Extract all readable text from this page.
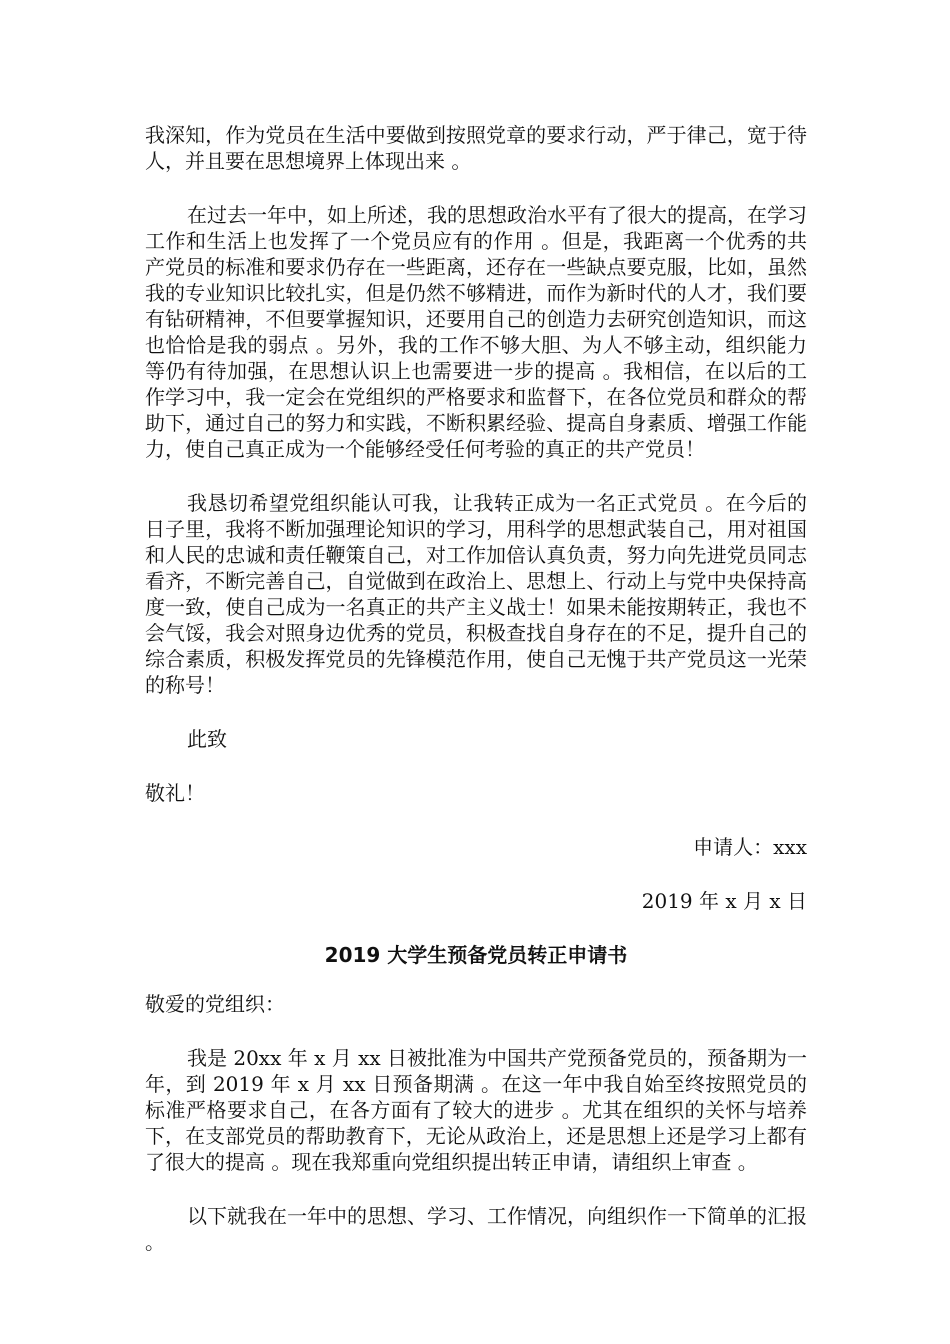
我深知，作为党员在生活中要做到按照党章的要求行动，严于律己，宽于待人，并且要在思想境界上体现出来 。

在过去一年中，如上所述，我的思想政治水平有了很大的提高，在学习工作和生活上也发挥了一个党员应有的作用 。但是，我距离一个优秀的共产党员的标准和要求仍存在一些距离，还存在一些缺点要克服，比如，虽然我的专业知识比较扎实，但是仍然不够精进，而作为新时代的人才，我们要有钻研精神，不但要掌握知识，还要用自己的创造力去研究创造知识，而这也恰恰是我的弱点 。另外，我的工作不够大胆、为人不够主动，组织能力等仍有待加强，在思想认识上也需要进一步的提高 。我相信，在以后的工作学习中，我一定会在党组织的严格要求和监督下，在各位党员和群众的帮助下，通过自己的努力和实践，不断积累经验、提高自身素质、增强工作能力，使自己真正成为一个能够经受任何考验的真正的共产党员！

我恳切希望党组织能认可我，让我转正成为一名正式党员 。在今后的日子里，我将不断加强理论知识的学习，用科学的思想武装自己，用对祖国和人民的忠诚和责任鞭策自己，对工作加倍认真负责，努力向先进党员同志看齐，不断完善自己，自觉做到在政治上、思想上、行动上与党中央保持高度一致，使自己成为一名真正的共产主义战士！如果未能按期转正，我也不会气馁，我会对照身边优秀的党员，积极查找自身存在的不足，提升自己的综合素质，积极发挥党员的先锋模范作用，使自己无愧于共产党员这一光荣的称号！

此致

敬礼！

申请人：xxx

2019 年 x 月 x 日

2019 大学生预备党员转正申请书

敬爱的党组织：

我是 20xx 年 x 月 xx 日被批准为中国共产党预备党员的，预备期为一年，到 2019 年 x 月 xx 日预备期满 。在这一年中我自始至终按照党员的标准严格要求自己，在各方面有了较大的进步 。尤其在组织的关怀与培养下，在支部党员的帮助教育下，无论从政治上，还是思想上还是学习上都有了很大的提高 。现在我郑重向党组织提出转正申请，请组织上审查 。

以下就我在一年中的思想、学习、工作情况，向组织作一下简单的汇报 。
